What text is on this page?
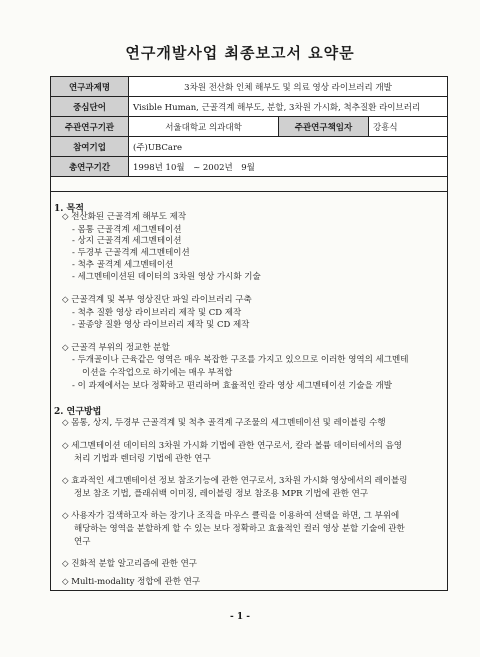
연구개발사업 최종보고서 요약문
연구과제명	3차원 전산화 인체 해부도 및 의료 영상 라이브러리 개발		
중심단어	Visible Human, 근골격계 해부도, 분할, 3차원 가시화, 척추질환 라이브러리		
주관연구기관	서울대학교 의과대학	주관연구책임자	강흥식
참여기업	(주)UBCare		
총연구기간	1998년 10월　~ 2002년　9월		
1. 목적
◇ 전산화된 근골격계 해부도 제작
- 몸통 근골격계 세그멘테이션
- 상지 근골격계 세그멘테이션
- 두경부 근골격계 세그멘테이션
- 척추 골격계 세그멘테이션
- 세그멘테이션된 데이터의 3차원 영상 가시화 기술
◇ 근골격계 및 복부 영상진단 파일 라이브러리 구축
- 척추 질환 영상 라이브러리 제작 및 CD 제작
- 골종양 질환 영상 라이브러리 제작 및 CD 제작
◇ 근골격 부위의 정교한 분할
- 두개골이나 근육같은 영역은 매우 복잡한 구조를 가지고 있으므로 이러한 영역의 세그멘테
이션을 수작업으로 하기에는 매우 부적합
- 이 과제에서는 보다 정확하고 편리하며 효율적인 칼라 영상 세그멘테이션 기술을 개발
2. 연구방법
◇ 몸통, 상지, 두경부 근골격계 및 척추 골격계 구조물의 세그멘테이션 및 레이블링 수행
◇ 세그멘테이션 데이터의 3차원 가시화 기법에 관한 연구로서, 칼라 볼륨 데이터에서의 음영
처리 기법과 렌더링 기법에 관한 연구
◇ 효과적인 세그멘테이션 정보 참조기능에 관한 연구로서, 3차원 가시화 영상에서의 레이블링
정보 참조 기법, 플래쉬백 이미징, 레이블링 정보 참조용 MPR 기법에 관한 연구
◇ 사용자가 검색하고자 하는 장기나 조직을 마우스 클릭을 이용하여 선택을 하면, 그 부위에
해당하는 영역을 분할하게 할 수 있는 보다 정확하고 효율적인 컬러 영상 분할 기술에 관한
연구
◇ 진화적 분할 알고리즘에 관한 연구
◇ Multi-modality 정합에 관한 연구
- 1 -
